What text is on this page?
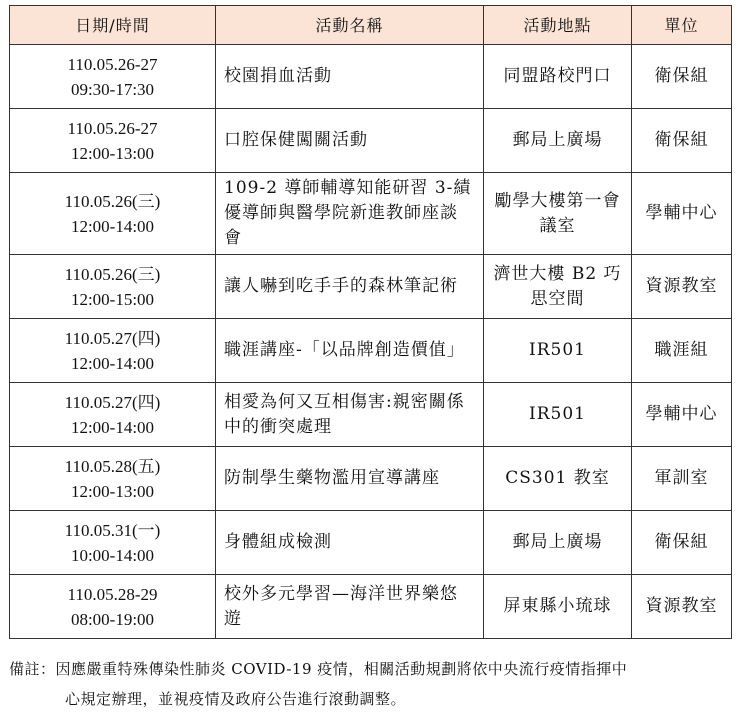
日期/時間	活動名稱	活動地點	單位

110.05.26-27
09:30-17:30	校園捐血活動	同盟路校門口	衛保組

110.05.26-27
12:00-13:00	口腔保健闖關活動	郵局上廣場	衛保組

110.05.26(三)
12:00-14:00	109-2 導師輔導知能研習 3-績優導師與醫學院新進教師座談會	勵學大樓第一會議室	學輔中心

110.05.26(三)
12:00-15:00	讓人嚇到吃手手的森林筆記術	濟世大樓 B2 巧思空間	資源教室

110.05.27(四)
12:00-14:00	職涯講座-「以品牌創造價值」	IR501	職涯組

110.05.27(四)
12:00-14:00	相愛為何又互相傷害:親密關係中的衝突處理	IR501	學輔中心

110.05.28(五)
12:00-13:00	防制學生藥物濫用宣導講座	CS301 教室	軍訓室

110.05.31(一)
10:00-14:00	身體組成檢測	郵局上廣場	衛保組

110.05.28-29
08:00-19:00	校外多元學習—海洋世界樂悠遊	屏東縣小琉球	資源教室
備註：因應嚴重特殊傳染性肺炎 COVID-19 疫情，相關活動規劃將依中央流行疫情指揮中
心規定辦理，並視疫情及政府公告進行滾動調整。
